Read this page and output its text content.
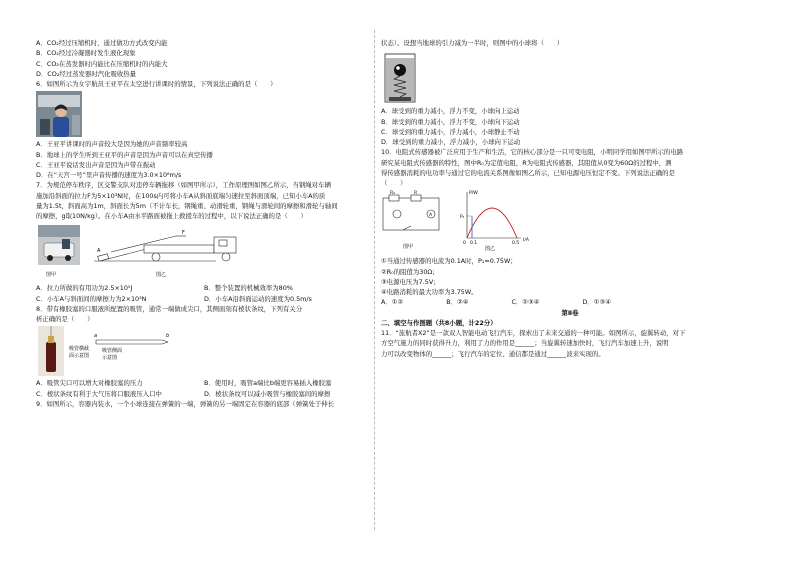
A．CO₂经过压缩机时，通过做功方式改变内能
B．CO₂经过冷凝器时发生液化现象
C．CO₂在蒸发器时内能比在压缩机时的内能大
D．CO₂经过蒸发器时汽化吸收热量
6．如图所示为女宇航员王亚平在太空进行讲课时的情景，下列说法正确的是（　　）
A．王亚平讲课时的声音较大是因为她的声音频率较高
B．地球上的学生听到王亚平的声音是因为声音可以在真空传播
C．王亚平说话发出声音是因为声带在振动
D．在“天宫一号”里声音传播的速度为3.0×10⁸m/s
7．为规范停车秩序，区交警支队对违停车辆拖移（如图甲所示），工作原理图如图乙所示，当钢绳对车辆
施加沿斜面的拉力F为5×10³N时，在100s内可将小车A从斜面底端匀速拉至斜面顶端，已知小车A的质
量为1.5t，斜面高为1m，斜面长为5m（不计车长，钢绳重、动滑轮重，钢绳与滑轮间的摩擦和滑轮与轴间
的摩擦，g取10N/kg）。在小车A由水平路面被拖上救援车的过程中，以下说法正确的是（　　）
图甲
F
A
图乙
A．拉力所做的有用功为2.5×10⁵J	B．整个装置的机械效率为80%
C．小车A与斜面间的摩擦力为2×10³N	D．小车A沿斜面运动的速度为0.5m/s
8．带有橡胶塞的口服液所配置的吸管，通常一端做成尖口，其侧面刻有棱状条纹，下列有关分
析正确的是（　　）
吸管横截
面示意图
a	b
吸管侧面
示意图
A．吸管尖口可以增大对橡胶塞的压力	B．使用时，吸管a端比b端更容易插入橡胶塞
C．棱状条纹有利于大气压将口服液压入口中	D．棱状条纹可以减小吸管与橡胶塞间的摩擦
9．如图所示，容器内装水，一个小球连接在弹簧的一端，弹簧的另一端固定在容器的底部（弹簧处于伸长
状态）。设想当地球的引力减为一半时，则图中的小球将（　　）
A．球受到的重力减小，浮力不变，小球向上运动
B．球受到的重力减小，浮力不变，小球向下运动
C．球受到的重力减小，浮力减小，小球静止不动
D．球受到的重力减小，浮力减小，小球向下运动
10．电阻式传感器被广泛应用于生产和生活，它的核心部分是一只可变电阻，小明同学用如图甲所示的电路
研究某电阻式传感器的特性，图中R₀为定值电阻，R为电阻式传感器，其阻值从0变为60Ω的过程中，测
得传感器消耗的电功率与通过它的电流关系图像如图乙所示，已知电源电压恒定不变。下列说法正确的是
（　　）
R₀	R
A
图甲
P/W
I/A
P₁
0 0.1	0.5
图乙
①当通过传感器的电流为0.1A时，P₁=0.75W；
②R₀的阻值为30Ω；
③电源电压为7.5V；
④电路消耗的最大功率为3.75W。
A．①②	B．②④	C．②③④	D．①③④
第Ⅱ卷
二、填空与作图题（共8小题，计22分）
11．“旅航者X2”是一款双人智能电动飞行汽车，探索出了未来交通的一种可能。如图所示，旋翼转动，对下
方空气施力的同时获得升力，利用了力的作用是______；当旋翼转速加快时，飞行汽车加速上升，说明
力可以改变物体的______；飞行汽车的定位、通信都是通过______波来实现的。
